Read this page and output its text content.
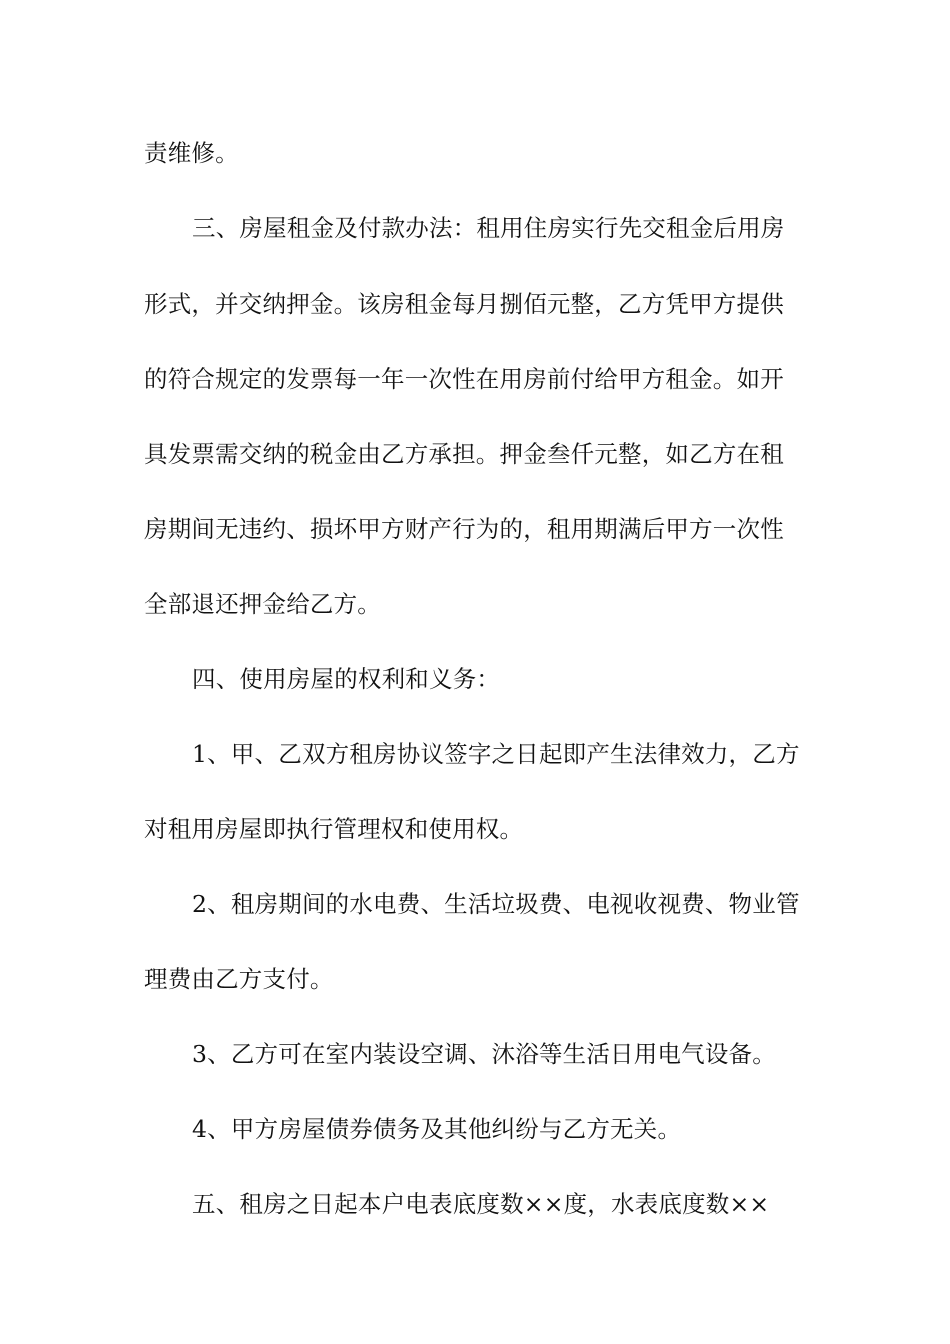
责维修。
三、房屋租金及付款办法：租用住房实行先交租金后用房
形式，并交纳押金。该房租金每月捌佰元整，乙方凭甲方提供
的符合规定的发票每一年一次性在用房前付给甲方租金。如开
具发票需交纳的税金由乙方承担。押金叁仟元整，如乙方在租
房期间无违约、损坏甲方财产行为的，租用期满后甲方一次性
全部退还押金给乙方。
四、使用房屋的权利和义务：
1、甲、乙双方租房协议签字之日起即产生法律效力，乙方
对租用房屋即执行管理权和使用权。
2、租房期间的水电费、生活垃圾费、电视收视费、物业管
理费由乙方支付。
3、乙方可在室内装设空调、沐浴等生活日用电气设备。
4、甲方房屋债券债务及其他纠纷与乙方无关。
五、租房之日起本户电表底度数××度，水表底度数××
